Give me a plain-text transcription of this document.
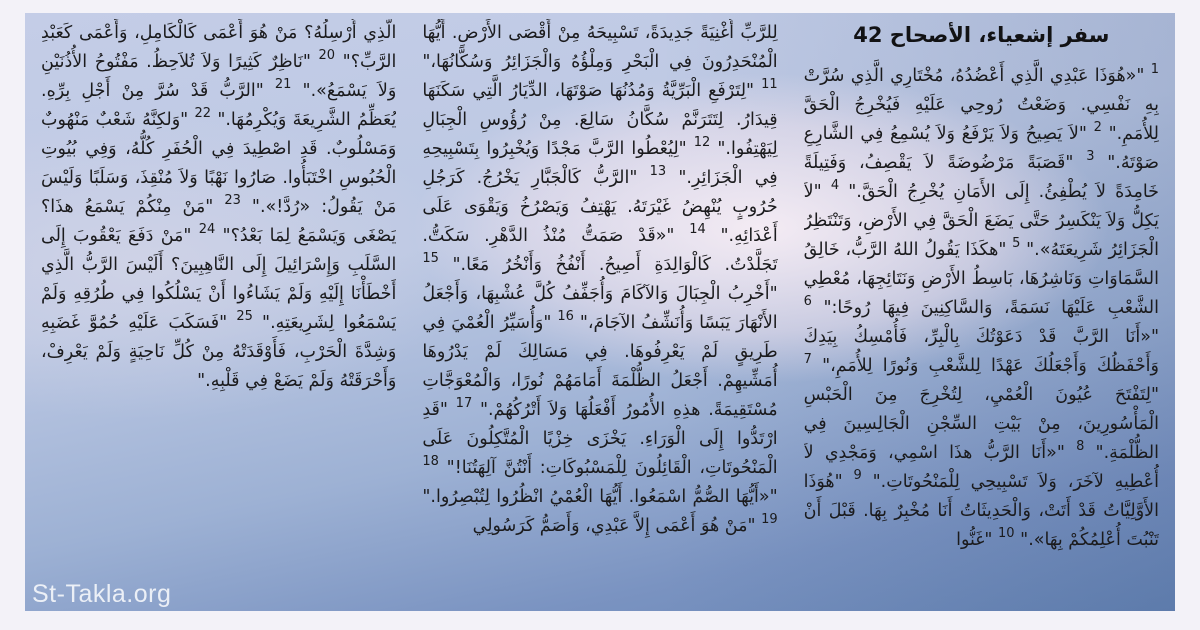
سفر إشعياء، الأصحاح 42

$^1$ "«هُوَذَا عَبْدِي الَّذِي أَعْضُدُهُ، مُخْتَارِي الَّذِي سُرَّتْ بِهِ نَفْسِي. وَضَعْتُ رُوحِي عَلَيْهِ فَيُخْرِجُ الْحَقَّ لِلأُمَمِ." $^2$ "لاَ يَصِيحُ وَلاَ يَرْفَعُ وَلاَ يُسْمِعُ فِي الشَّارِعِ صَوْتَهُ." $^3$ "قَصَبَةً مَرْضُوضَةً لاَ يَقْصِفُ، وَفَتِيلَةً خَامِدَةً لاَ يُطْفِئُ. إِلَى الأَمَانِ يُخْرِجُ الْحَقَّ." $^4$ "لاَ يَكِلُّ وَلاَ يَنْكَسِرُ حَتَّى يَضَعَ الْحَقَّ فِي الأَرْضِ، وَتَنْتَظِرُ الْجَزَائِرُ شَرِيعَتَهُ»." $^5$ "هكَذَا يَقُولُ اللهُ الرَّبُّ، خَالِقُ السَّمَاوَاتِ وَنَاشِرُهَا، بَاسِطُ الأَرْضِ وَنَتَائِجِهَا، مُعْطِي الشَّعْبِ عَلَيْهَا نَسَمَةً، وَالسَّاكِنِينَ فِيهَا رُوحًا:" $^6$ "«أَنَا الرَّبَّ قَدْ دَعَوْتُكَ بِالْبِرِّ، فَأُمْسِكُ بِيَدِكَ وَأَحْفَظُكَ وَأَجْعَلُكَ عَهْدًا لِلشَّعْبِ وَنُورًا لِلأُمَمِ،" $^7$ "لِتَفْتَحَ عُيُونَ الْعُمْيِ، لِتُخْرِجَ مِنَ الْحَبْسِ الْمَأْسُورِينَ، مِنْ بَيْتِ السِّجْنِ الْجَالِسِينَ فِي الظُّلْمَةِ." $^8$ "«أَنَا الرَّبُّ هذَا اسْمِي، وَمَجْدِي لاَ أُعْطِيهِ لآخَرَ، وَلاَ تَسْبِيحِي لِلْمَنْحُوتَاتِ." $^9$ "هُوَذَا الأَوَّلِيَّاتُ قَدْ أَتَتْ، وَالْحَدِيثَاتُ أَنَا مُخْبِرٌ بِهَا. قَبْلَ أَنْ تَنْبُتَ أُعْلِمُكُمْ بِهَا»." $^{10}$ "غَنُّوا

لِلرَّبِّ أُغْنِيَةً جَدِيدَةً، تَسْبِيحَهُ مِنْ أَقْصَى الأَرْضِ. أَيُّهَا الْمُنْحَدِرُونَ فِي الْبَحْرِ وَمِلْؤُهُ وَالْجَزَائِرُ وَسُكَّانُهَا،" $^{11}$ "لِتَرْفَعِ الْبَرِّيَّةُ وَمُدُنُهَا صَوْتَهَا، الدِّيَارُ الَّتِي سَكَنَهَا قِيدَارُ. لِتَتَرَنَّمْ سُكَّانُ سَالِعَ. مِنْ رُؤُوسِ الْجِبَالِ لِيَهْتِفُوا." $^{12}$ "لِيُعْطُوا الرَّبَّ مَجْدًا وَيُخْبِرُوا بِتَسْبِيحِهِ فِي الْجَزَائِرِ." $^{13}$ "الرَّبُّ كَالْجَبَّارِ يَخْرُجُ. كَرَجُلِ حُرُوبٍ يُنْهِضُ غَيْرَتَهُ. يَهْتِفُ وَيَصْرُخُ وَيَقْوَى عَلَى أَعْدَائِهِ." $^{14}$ "«قَدْ صَمَتُّ مُنْذُ الدَّهْرِ. سَكَتُّ. تَجَلَّدْتُ. كَالْوَالِدَةِ أَصِيحُ. أَنْفُخُ وَأَنْخُرُ مَعًا." $^{15}$ "أَخْرِبُ الْجِبَالَ وَالآكَامَ وَأُجَفِّفُ كُلَّ عُشْبِهَا، وَأَجْعَلُ الأَنْهَارَ يَبَسًا وَأُنَشِّفُ الآجَامَ،" $^{16}$ "وَأُسَيِّرُ الْعُمْيَ فِي طَرِيقٍ لَمْ يَعْرِفُوهَا. فِي مَسَالِكَ لَمْ يَدْرُوهَا أُمَشِّيهِمْ. أَجْعَلُ الظُّلْمَةَ أَمَامَهُمْ نُورًا، وَالْمُعْوَجَّاتِ مُسْتَقِيمَةً. هذِهِ الأُمُورُ أَفْعَلُهَا وَلاَ أَتْرُكُهُمْ." $^{17}$ "قَدِ ارْتَدُّوا إِلَى الْوَرَاءِ. يَخْزَى خِزْيًا الْمُتَّكِلُونَ عَلَى الْمَنْحُوتَاتِ، الْقَائِلُونَ لِلْمَسْبُوكَاتِ: أَنْتُنَّ آلِهَتُنَا!" $^{18}$ "«أَيُّهَا الصُّمُّ اسْمَعُوا. أَيُّهَا الْعُمْيُ انْظُرُوا لِتُبْصِرُوا." $^{19}$ "مَنْ هُوَ أَعْمَى إِلاَّ عَبْدِي، وَأَصَمُّ كَرَسُولِي

الَّذِي أُرْسِلُهُ؟ مَنْ هُوَ أَعْمَى كَالْكَامِلِ، وَأَعْمَى كَعَبْدِ الرَّبِّ؟" $^{20}$ "نَاظِرٌ كَثِيرًا وَلاَ تُلاَحِظُ. مَفْتُوحُ الأُذُنَيْنِ وَلاَ يَسْمَعُ»." $^{21}$ "الرَّبُّ قَدْ سُرَّ مِنْ أَجْلِ بِرِّهِ. يُعَظِّمُ الشَّرِيعَةَ وَيُكْرِمُهَا." $^{22}$ "وَلكِنَّهُ شَعْبٌ مَنْهُوبٌ وَمَسْلُوبٌ. قَدِ اصْطِيدَ فِي الْحُفَرِ كُلُّهُ، وَفِي بُيُوتِ الْحُبُوسِ اخْتَبَأُوا. صَارُوا نَهْبًا وَلاَ مُنْقِذَ، وَسَلَبًا وَلَيْسَ مَنْ يَقُولُ: «رُدَّ!»." $^{23}$ "مَنْ مِنْكُمْ يَسْمَعُ هذَا؟ يَصْغَى وَيَسْمَعُ لِمَا بَعْدُ؟" $^{24}$ "مَنْ دَفَعَ يَعْقُوبَ إِلَى السَّلَبِ وَإِسْرَائِيلَ إِلَى النَّاهِبِينَ؟ أَلَيْسَ الرَّبُّ الَّذِي أَخْطَأْنَا إِلَيْهِ وَلَمْ يَشَاءُوا أَنْ يَسْلُكُوا فِي طُرُقِهِ وَلَمْ يَسْمَعُوا لِشَرِيعَتِهِ." $^{25}$ "فَسَكَبَ عَلَيْهِ حُمُوَّ غَضَبِهِ وَشِدَّةَ الْحَرْبِ، فَأَوْقَدَتْهُ مِنْ كُلِّ نَاحِيَةٍ وَلَمْ يَعْرِفْ، وَأَحْرَقَتْهُ وَلَمْ يَضَعْ فِي قَلْبِهِ."

St-Takla.org
